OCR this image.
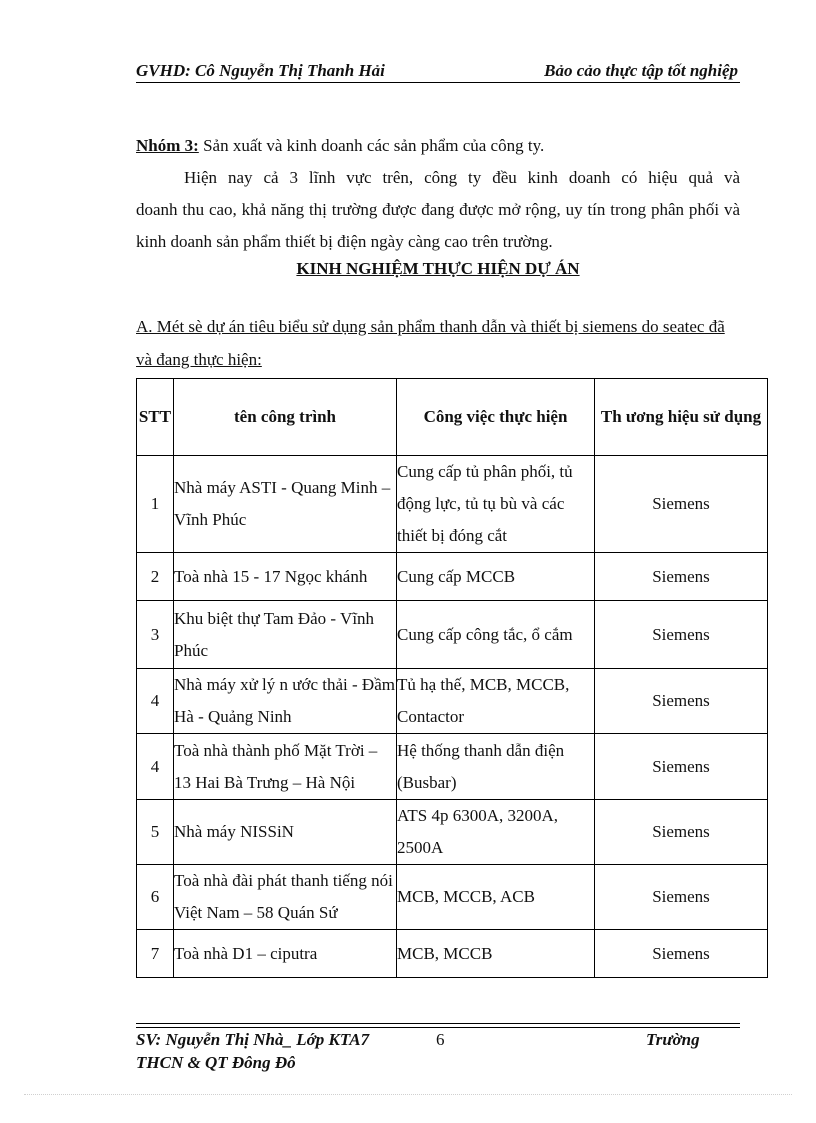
GVHD: Cô Nguyễn Thị Thanh Hải	Bảo cảo thực tập tốt nghiệp
Nhóm 3: Sản xuất và kinh doanh các sản phẩm của công ty.
Hiện nay cả 3 lĩnh vực trên, công ty đều kinh doanh có hiệu quả và
doanh thu cao, khả năng thị trường được đang được mở rộng, uy tín trong phân phối và kinh doanh sản phẩm thiết bị điện ngày càng cao trên trường.
KINH NGHIỆM THỰC HIỆN DỰ ÁN
A. Mét sè dự án tiêu biểu sử dụng sản phẩm thanh dẫn và thiết bị siemens do seatec đã và đang thực hiện:
STT	tên công trình	Công việc thực hiện	Th ương hiệu sử dụng
1	Nhà máy ASTI - Quang Minh – Vĩnh Phúc	Cung cấp tủ phân phối, tủ động lực, tủ tụ bù và các thiết bị đóng cắt	Siemens
2	Toà nhà 15 - 17 Ngọc khánh	Cung cấp MCCB	Siemens
3	Khu biệt thự Tam Đảo - Vĩnh Phúc	Cung cấp công tắc, ổ cắm	Siemens
4	Nhà máy xử lý n ước thải - Đầm Hà - Quảng Ninh	Tủ hạ thế, MCB, MCCB, Contactor	Siemens
4	Toà nhà thành phố Mặt Trời – 13 Hai Bà Trưng – Hà Nội	Hệ thống thanh dẫn điện (Busbar)	Siemens
5	Nhà máy NISSiN	ATS 4p 6300A, 3200A, 2500A	Siemens
6	Toà nhà đài phát thanh tiếng nói Việt Nam – 58 Quán Sứ	MCB, MCCB, ACB	Siemens
7	Toà nhà D1 – ciputra	MCB, MCCB	Siemens
SV: Nguyễn Thị Nhà_ Lớp KTA7	6	Trường
THCN & QT Đông Đô
